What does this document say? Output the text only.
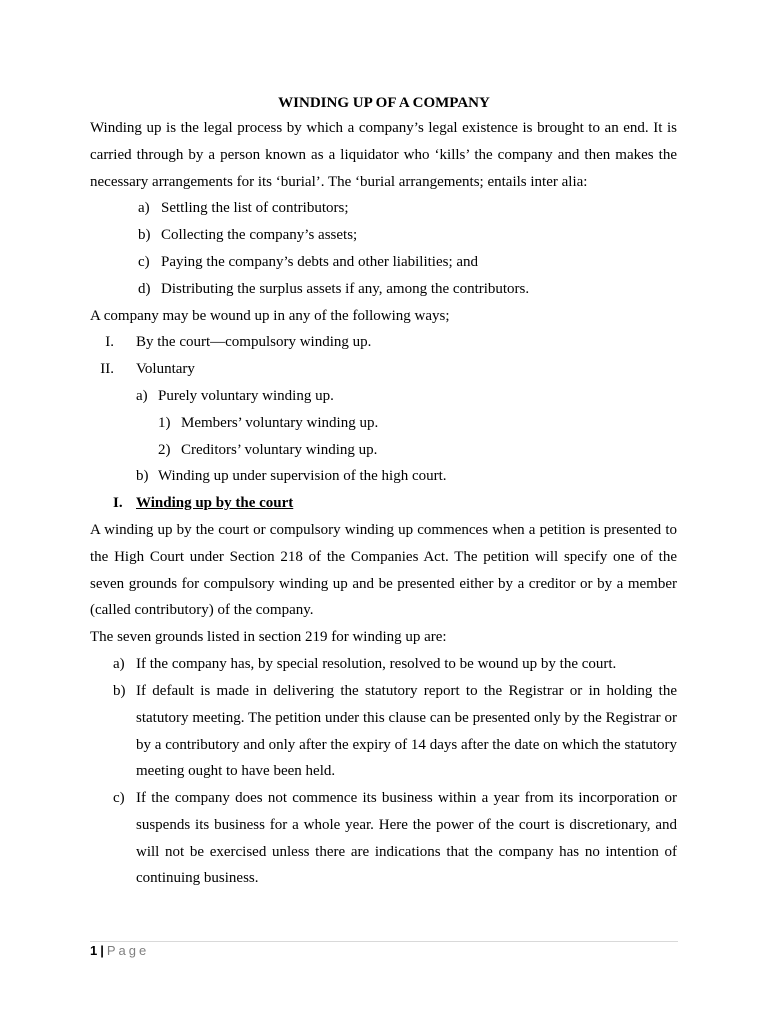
WINDING UP OF A COMPANY

Winding up is the legal process by which a company’s legal existence is brought to an end. It is carried through by a person known as a liquidator who ‘kills’ the company and then makes the necessary arrangements for its ‘burial’. The ‘burial arrangements; entails inter alia:

a) Settling the list of contributors;
b) Collecting the company’s assets;
c) Paying the company’s debts and other liabilities; and
d) Distributing the surplus assets if any, among the contributors.
A company may be wound up in any of the following ways;
I. By the court—compulsory winding up.
II. Voluntary
a) Purely voluntary winding up.
1) Members’ voluntary winding up.
2) Creditors’ voluntary winding up.
b) Winding up under supervision of the high court.
I. Winding up by the court

A winding up by the court or compulsory winding up commences when a petition is presented to the High Court under Section 218 of the Companies Act. The petition will specify one of the seven grounds for compulsory winding up and be presented either by a creditor or by a member (called contributory) of the company.

The seven grounds listed in section 219 for winding up are:
a) If the company has, by special resolution, resolved to be wound up by the court.

b) If default is made in delivering the statutory report to the Registrar or in holding the statutory meeting. The petition under this clause can be presented only by the Registrar or by a contributory and only after the expiry of 14 days after the date on which the statutory meeting ought to have been held.

c) If the company does not commence its business within a year from its incorporation or suspends its business for a whole year. Here the power of the court is discretionary, and will not be exercised unless there are indications that the company has no intention of continuing business.

1 | Page
